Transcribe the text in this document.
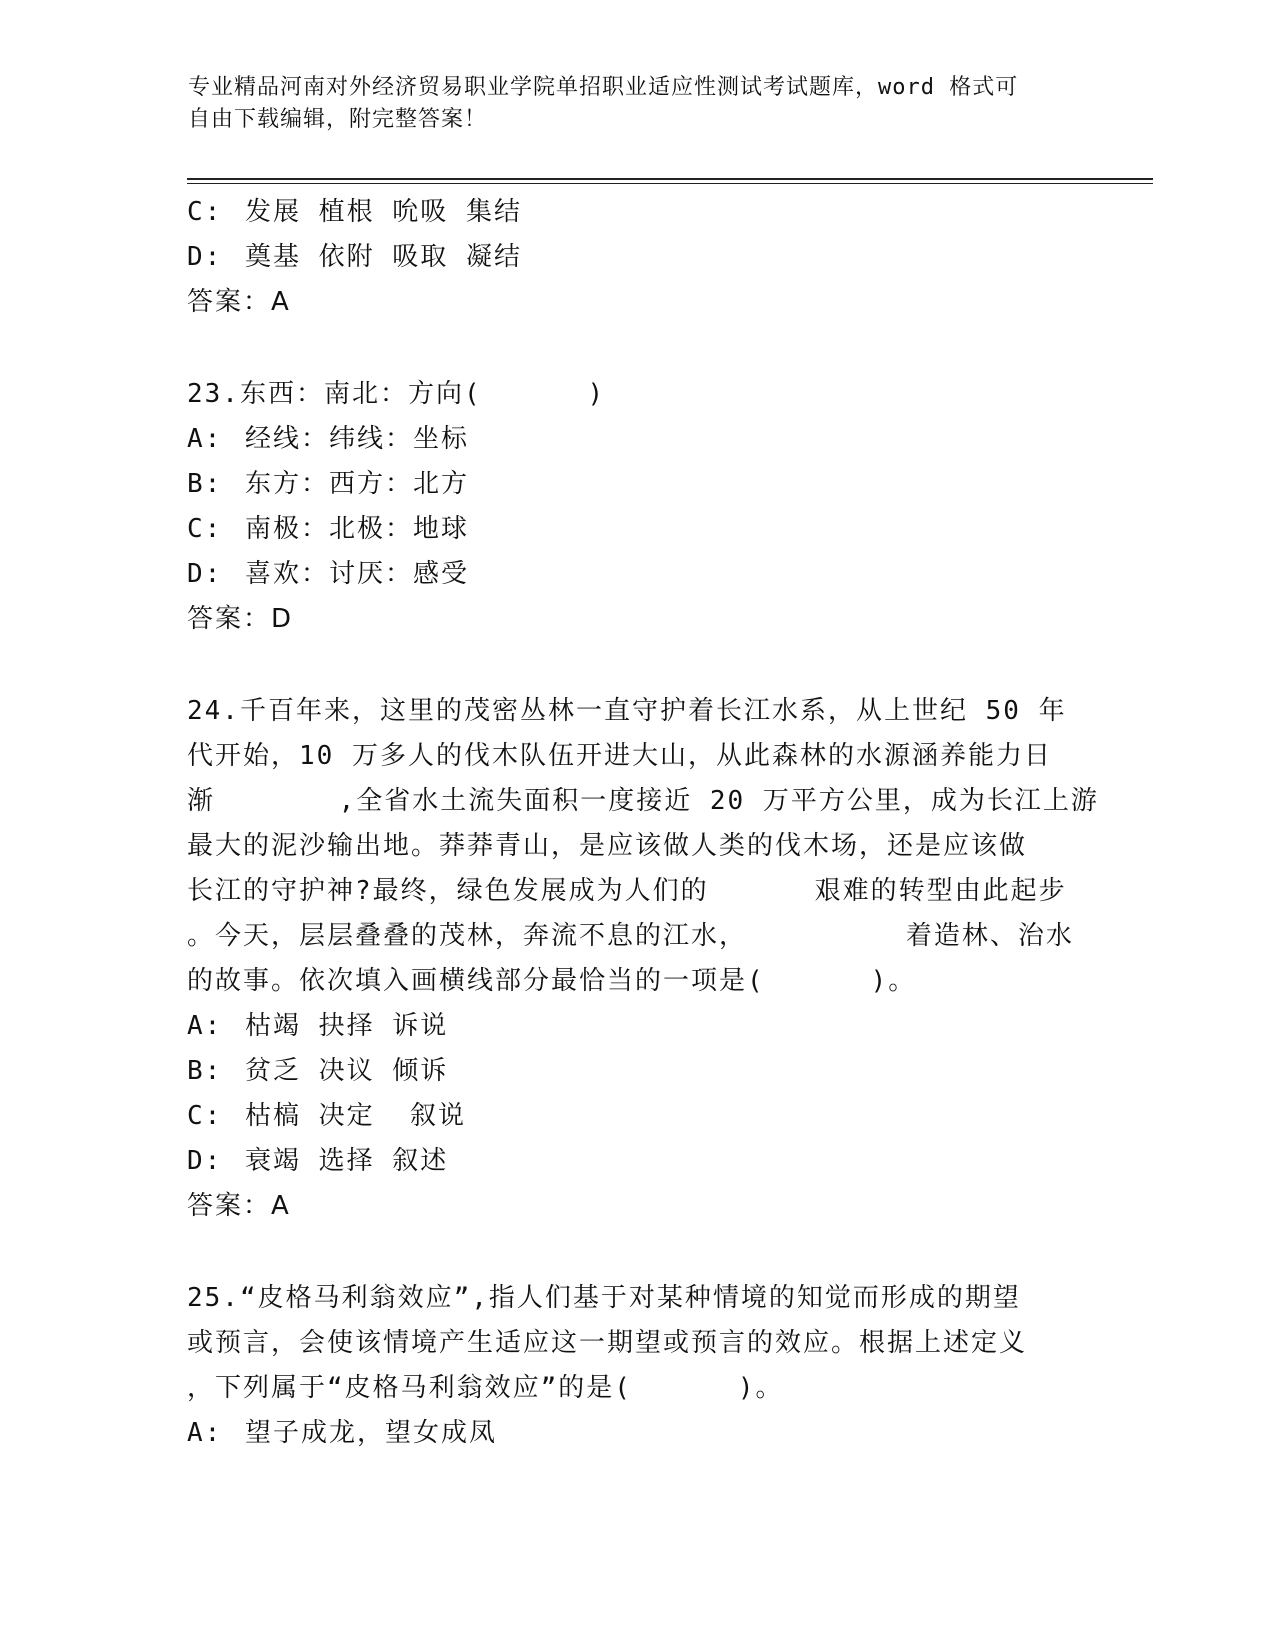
专业精品河南对外经济贸易职业学院单招职业适应性测试考试题库，word 格式可
自由下载编辑，附完整答案！
C: 发展 植根 吮吸 集结
D: 奠基 依附 吸取 凝结
答案：A
23.东西：南北：方向(      )
A: 经线：纬线：坐标
B: 东方：西方：北方
C: 南极：北极：地球
D: 喜欢：讨厌：感受
答案：D
24.千百年来，这里的茂密丛林一直守护着长江水系，从上世纪 50 年
代开始，10 万多人的伐木队伍开进大山，从此森林的水源涵养能力日
渐       ,全省水土流失面积一度接近 20 万平方公里，成为长江上游
最大的泥沙输出地。莽莽青山，是应该做人类的伐木场，还是应该做
长江的守护神?最终，绿色发展成为人们的      艰难的转型由此起步
。今天，层层叠叠的茂林，奔流不息的江水，         着造林、治水
的故事。依次填入画横线部分最恰当的一项是(      )。
A: 枯竭 抉择 诉说
B: 贫乏 决议 倾诉
C: 枯槁 决定  叙说
D: 衰竭 选择 叙述
答案：A
25.“皮格马利翁效应”,指人们基于对某种情境的知觉而形成的期望
或预言，会使该情境产生适应这一期望或预言的效应。根据上述定义
，下列属于“皮格马利翁效应”的是(      )。
A: 望子成龙，望女成凤
